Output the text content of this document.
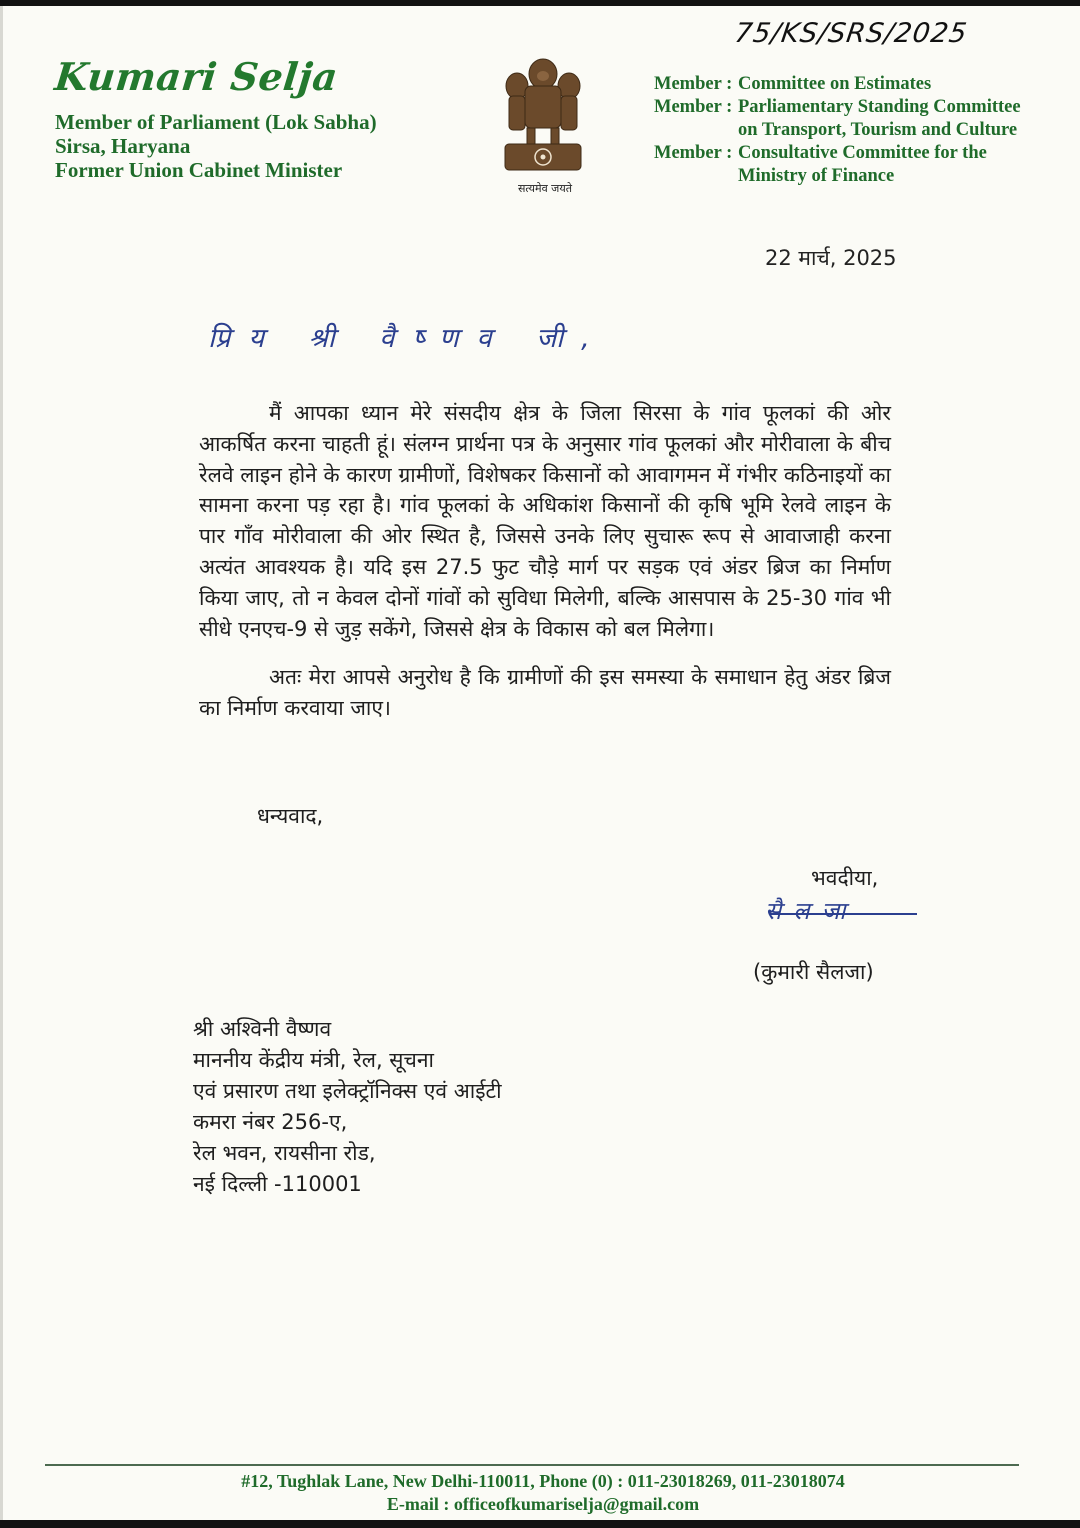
Kumari Selja
Member of Parliament (Lok Sabha)
Sirsa, Haryana
Former Union Cabinet Minister
75/KS/SRS/2025
सत्यमेव जयते
Member : Committee on Estimates
Member : Parliamentary Standing Committee
on Transport, Tourism and Culture
Member : Consultative Committee for the
Ministry of Finance
22 मार्च, 2025
प्रिय श्री वैष्णव जी,

मैं आपका ध्यान मेरे संसदीय क्षेत्र के जिला सिरसा के गांव फूलकां की ओर आकर्षित करना चाहती हूं। संलग्न प्रार्थना पत्र के अनुसार गांव फूलकां और मोरीवाला के बीच रेलवे लाइन होने के कारण ग्रामीणों, विशेषकर किसानों को आवागमन में गंभीर कठिनाइयों का सामना करना पड़ रहा है। गांव फूलकां के अधिकांश किसानों की कृषि भूमि रेलवे लाइन के पार गाँव मोरीवाला की ओर स्थित है, जिससे उनके लिए सुचारू रूप से आवाजाही करना अत्यंत आवश्यक है। यदि इस 27.5 फुट चौड़े मार्ग पर सड़क एवं अंडर ब्रिज का निर्माण किया जाए, तो न केवल दोनों गांवों को सुविधा मिलेगी, बल्कि आसपास के 25-30 गांव भी सीधे एनएच-9 से जुड़ सकेंगे, जिससे क्षेत्र के विकास को बल मिलेगा।

अतः मेरा आपसे अनुरोध है कि ग्रामीणों की इस समस्या के समाधान हेतु अंडर ब्रिज का निर्माण करवाया जाए।

धन्यवाद,
भवदीया,
सैलजा
(कुमारी सैलजा)
श्री अश्विनी वैष्णव
माननीय केंद्रीय मंत्री, रेल, सूचना
एवं प्रसारण तथा इलेक्ट्रॉनिक्स एवं आईटी
कमरा नंबर 256-ए,
रेल भवन, रायसीना रोड,
नई दिल्ली -110001
#12, Tughlak Lane, New Delhi-110011, Phone (0) : 011-23018269, 011-23018074
E-mail : officeofkumariselja@gmail.com
